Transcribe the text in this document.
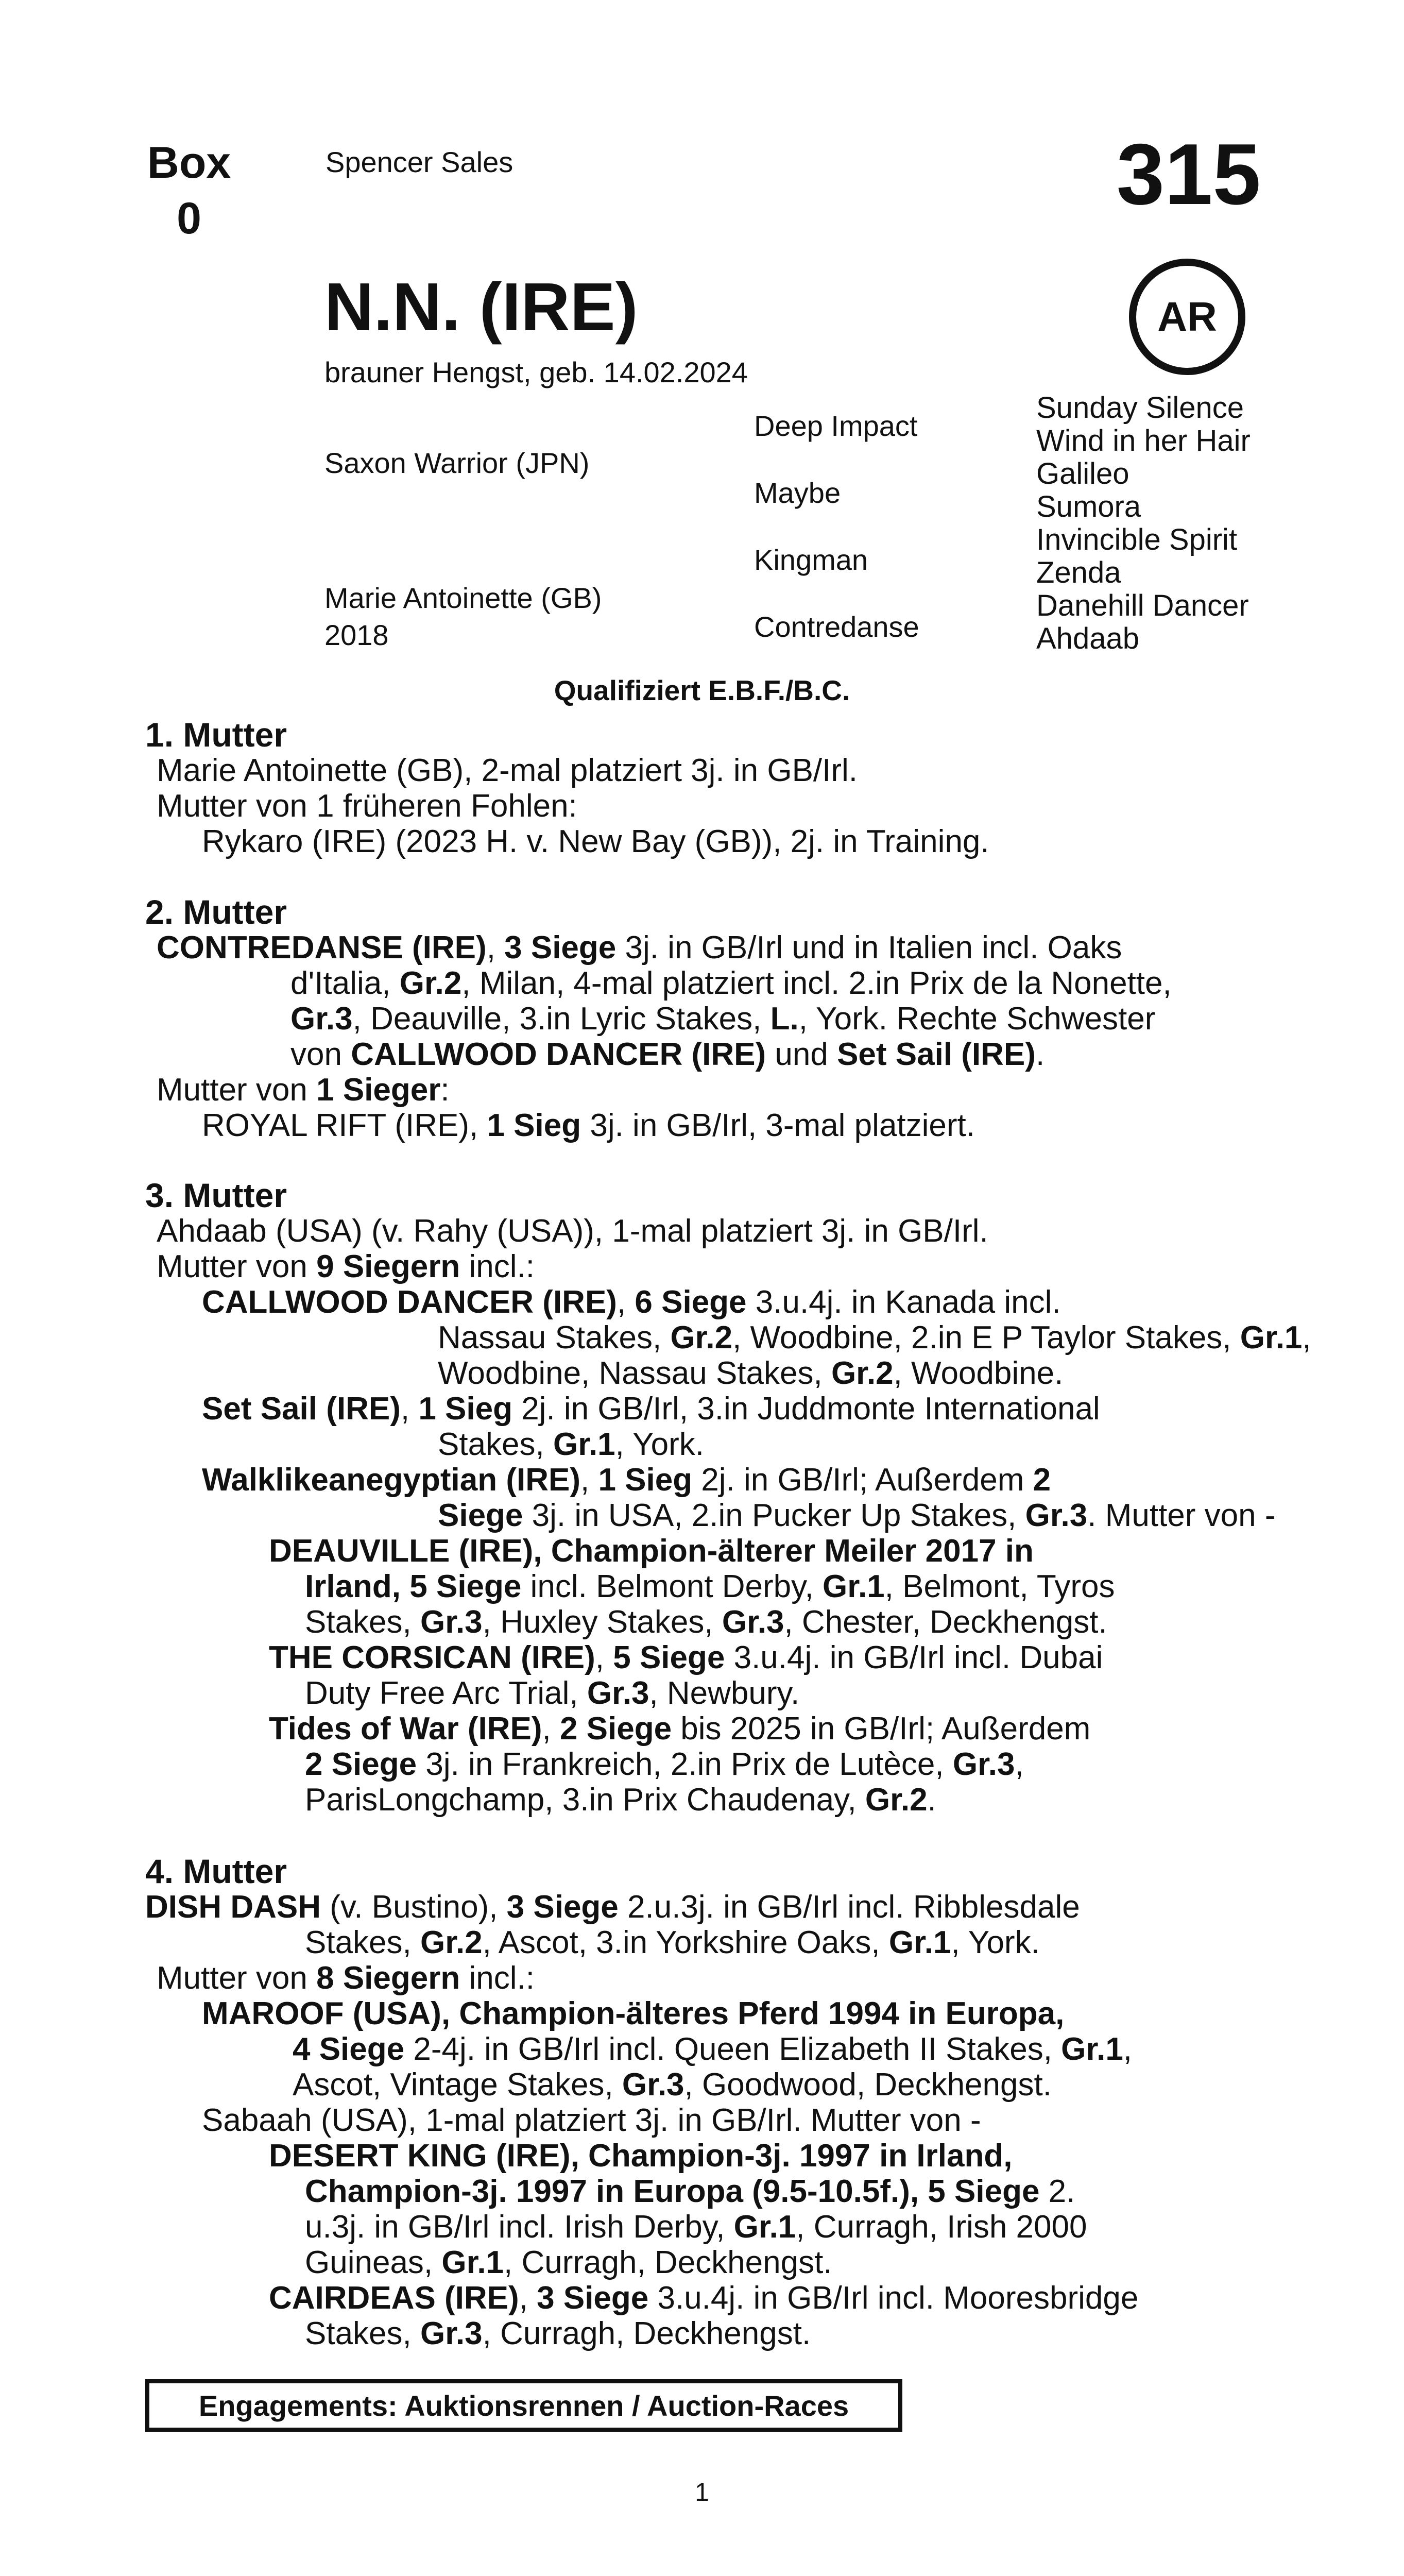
Box
0
Spencer Sales	315
AR
N.N. (IRE)
brauner Hengst, geb. 14.02.2024
Saxon Warrior (JPN)
Marie Antoinette (GB)
2018
Deep Impact
Maybe
Kingman
Contredanse
Sunday Silence
Wind in her Hair
Galileo
Sumora
Invincible Spirit
Zenda
Danehill Dancer
Ahdaab
Qualifiziert E.B.F./B.C.
1. Mutter
Marie Antoinette (GB), 2-mal platziert 3j. in GB/Irl.
Mutter von 1 früheren Fohlen:
Rykaro (IRE) (2023 H. v. New Bay (GB)), 2j. in Training.
2. Mutter
CONTREDANSE (IRE), 3 Siege 3j. in GB/Irl und in Italien incl. Oaks
d'Italia, Gr.2, Milan, 4-mal platziert incl. 2.in Prix de la Nonette,
Gr.3, Deauville, 3.in Lyric Stakes, L., York. Rechte Schwester
von CALLWOOD DANCER (IRE) und Set Sail (IRE).
Mutter von 1 Sieger:
ROYAL RIFT (IRE), 1 Sieg 3j. in GB/Irl, 3-mal platziert.
3. Mutter
Ahdaab (USA) (v. Rahy (USA)), 1-mal platziert 3j. in GB/Irl.
Mutter von 9 Siegern incl.:
CALLWOOD DANCER (IRE), 6 Siege 3.u.4j. in Kanada incl.
Nassau Stakes, Gr.2, Woodbine, 2.in E P Taylor Stakes, Gr.1,
Woodbine, Nassau Stakes, Gr.2, Woodbine.
Set Sail (IRE), 1 Sieg 2j. in GB/Irl, 3.in Juddmonte International
Stakes, Gr.1, York.
Walklikeanegyptian (IRE), 1 Sieg 2j. in GB/Irl; Außerdem 2
Siege 3j. in USA, 2.in Pucker Up Stakes, Gr.3. Mutter von -
DEAUVILLE (IRE), Champion-älterer Meiler 2017 in
Irland, 5 Siege incl. Belmont Derby, Gr.1, Belmont, Tyros
Stakes, Gr.3, Huxley Stakes, Gr.3, Chester, Deckhengst.
THE CORSICAN (IRE), 5 Siege 3.u.4j. in GB/Irl incl. Dubai
Duty Free Arc Trial, Gr.3, Newbury.
Tides of War (IRE), 2 Siege bis 2025 in GB/Irl; Außerdem
2 Siege 3j. in Frankreich, 2.in Prix de Lutèce, Gr.3,
ParisLongchamp, 3.in Prix Chaudenay, Gr.2.
4. Mutter
DISH DASH (v. Bustino), 3 Siege 2.u.3j. in GB/Irl incl. Ribblesdale
Stakes, Gr.2, Ascot, 3.in Yorkshire Oaks, Gr.1, York.
Mutter von 8 Siegern incl.:
MAROOF (USA), Champion-älteres Pferd 1994 in Europa,
4 Siege 2-4j. in GB/Irl incl. Queen Elizabeth II Stakes, Gr.1,
Ascot, Vintage Stakes, Gr.3, Goodwood, Deckhengst.
Sabaah (USA), 1-mal platziert 3j. in GB/Irl. Mutter von -
DESERT KING (IRE), Champion-3j. 1997 in Irland,
Champion-3j. 1997 in Europa (9.5-10.5f.), 5 Siege 2.
u.3j. in GB/Irl incl. Irish Derby, Gr.1, Curragh, Irish 2000
Guineas, Gr.1, Curragh, Deckhengst.
CAIRDEAS (IRE), 3 Siege 3.u.4j. in GB/Irl incl. Mooresbridge
Stakes, Gr.3, Curragh, Deckhengst.
Engagements: Auktionsrennen / Auction-Races
1
